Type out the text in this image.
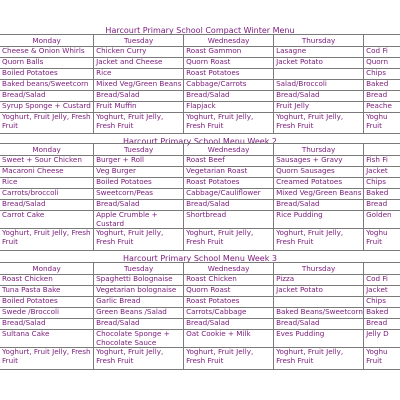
Harcourt Primary School Compact Winter Menu
	Monday	Tuesday	Wednesday	Thursday	
	Cheese & Onion Whirls	Chicken Curry	Roast Gammon	Lasagne	Cod Fi
	Quorn Balls	Jacket and Cheese	Quorn Roast	Jacket Potato	Quorn
	Boiled Potatoes	Rice	Roast Potatoes		Chips
	Baked beans/Sweetcorn	Mixed Veg/Green Beans	Cabbage/Carrots	Salad/Broccoli	Baked
	Bread/Salad	Bread/Salad	Bread/Salad	Bread/Salad	Bread
	Syrup Sponge + Custard	Fruit Muffin	Flapjack	Fruit Jelly	Peache
	Yoghurt, Fruit Jelly, Fresh Fruit	Yoghurt, Fruit Jelly, Fresh Fruit	Yoghurt, Fruit Jelly, Fresh Fruit	Yoghurt, Fruit Jelly, Fresh Fruit	Yoghu Fruit
Harcourt Primary School Menu Week 2
	Monday	Tuesday	Wednesday	Thursday	
	Sweet + Sour Chicken	Burger + Roll	Roast Beef	Sausages + Gravy	Fish Fi
	Macaroni Cheese	Veg Burger	Vegetarian Roast	Quorn Sausages	Jacket
	Rice	Boiled Potatoes	Roast Potatoes	Creamed Potatoes	Chips
	Carrots/broccoli	Sweetcorn/Peas	Cabbage/Cauliflower	Mixed Veg/Green Beans	Baked
	Bread/Salad	Bread/Salad	Bread/Salad	Bread/Salad	Bread
	Carrot Cake	Apple Crumble + Custard	Shortbread	Rice Pudding	Golden
	Yoghurt, Fruit Jelly, Fresh Fruit	Yoghurt, Fruit Jelly, Fresh Fruit	Yoghurt, Fruit Jelly, Fresh Fruit	Yoghurt, Fruit Jelly, Fresh Fruit	Yoghu Fruit
Harcourt Primary School Menu Week 3
	Monday	Tuesday	Wednesday	Thursday	
	Roast Chicken	Spaghetti Bolognaise	Roast Chicken	Pizza	Cod Fi
	Tuna Pasta Bake	Vegetarian bolognaise	Quorn Roast	Jacket Potato	Jacket
	Boiled Potatoes	Garlic Bread	Roast Potatoes		Chips
	Swede /Broccoli	Green Beans /Salad	Carrots/Cabbage	Baked Beans/Sweetcorn	Baked
	Bread/Salad	Bread/Salad	Bread/Salad	Bread/Salad	Bread
	Sultana Cake	Chocolate Sponge + Chocolate Sauce	Oat Cookie + Milk	Eves Pudding	Jelly D
	Yoghurt, Fruit Jelly, Fresh Fruit	Yoghurt, Fruit Jelly, Fresh Fruit	Yoghurt, Fruit Jelly, Fresh Fruit	Yoghurt, Fruit Jelly, Fresh Fruit	Yoghu Fruit
